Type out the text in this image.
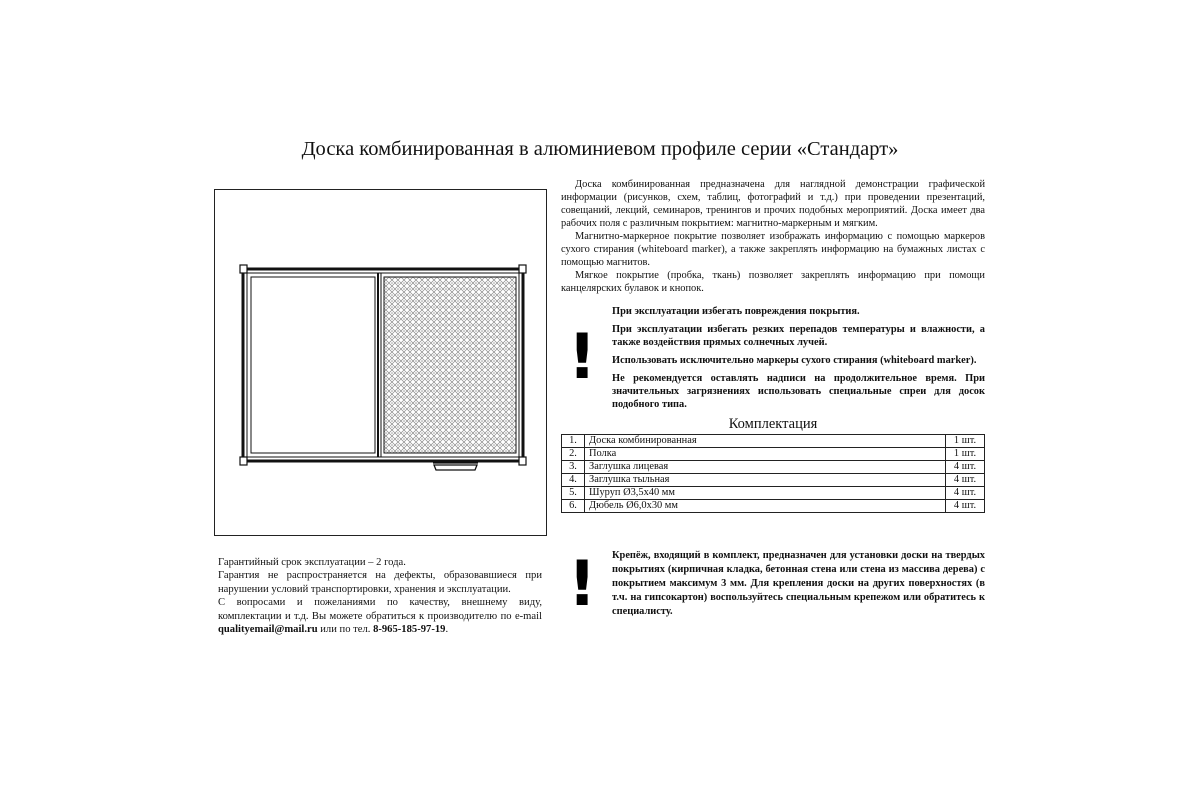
Доска комбинированная в алюминиевом профиле серии «Стандарт»

Доска комбинированная предназначена для наглядной демонстрации графической информации (рисунков, схем, таблиц, фотографий и т.д.) при проведении презентаций, совещаний, лекций, семинаров, тренингов и прочих подобных мероприятий. Доска имеет два рабочих поля с различным покрытием: магнитно-маркерным и мягким.

Магнитно-маркерное покрытие позволяет изображать информацию с помощью маркеров сухого стирания (whiteboard marker), а также закреплять информацию на бумажных листах с помощью магнитов.

Мягкое покрытие (пробка, ткань) позволяет закреплять информацию при помощи канцелярских булавок и кнопок.

!

При эксплуатации избегать повреждения покрытия.

При эксплуатации избегать резких перепадов температуры и влажности, а также воздействия прямых солнечных лучей.

Использовать исключительно маркеры сухого стирания (whiteboard marker).

Не рекомендуется оставлять надписи на продолжительное время. При значительных загрязнениях использовать специальные спреи для досок подобного типа.

Комплектация
1.	Доска комбинированная	1 шт.
2.	Полка	1 шт.
3.	Заглушка лицевая	4 шт.
4.	Заглушка тыльная	4 шт.
5.	Шуруп Ø3,5х40 мм	4 шт.
6.	Дюбель Ø6,0х30 мм	4 шт.
! Крепёж, входящий в комплект, предназначен для установки доски на твердых покрытиях (кирпичная кладка, бетонная стена или стена из массива дерева) с покрытием максимум 3 мм. Для крепления доски на других поверхностях (в т.ч. на гипсокартон) воспользуйтесь специальным крепежом или обратитесь к специалисту.

Гарантийный срок эксплуатации – 2 года.

Гарантия не распространяется на дефекты, образовавшиеся при нарушении условий транспортировки, хранения и эксплуатации.

С вопросами и пожеланиями по качеству, внешнему виду, комплектации и т.д. Вы можете обратиться к производителю по e-mail qualityemail@mail.ru или по тел. 8-965-185-97-19.
